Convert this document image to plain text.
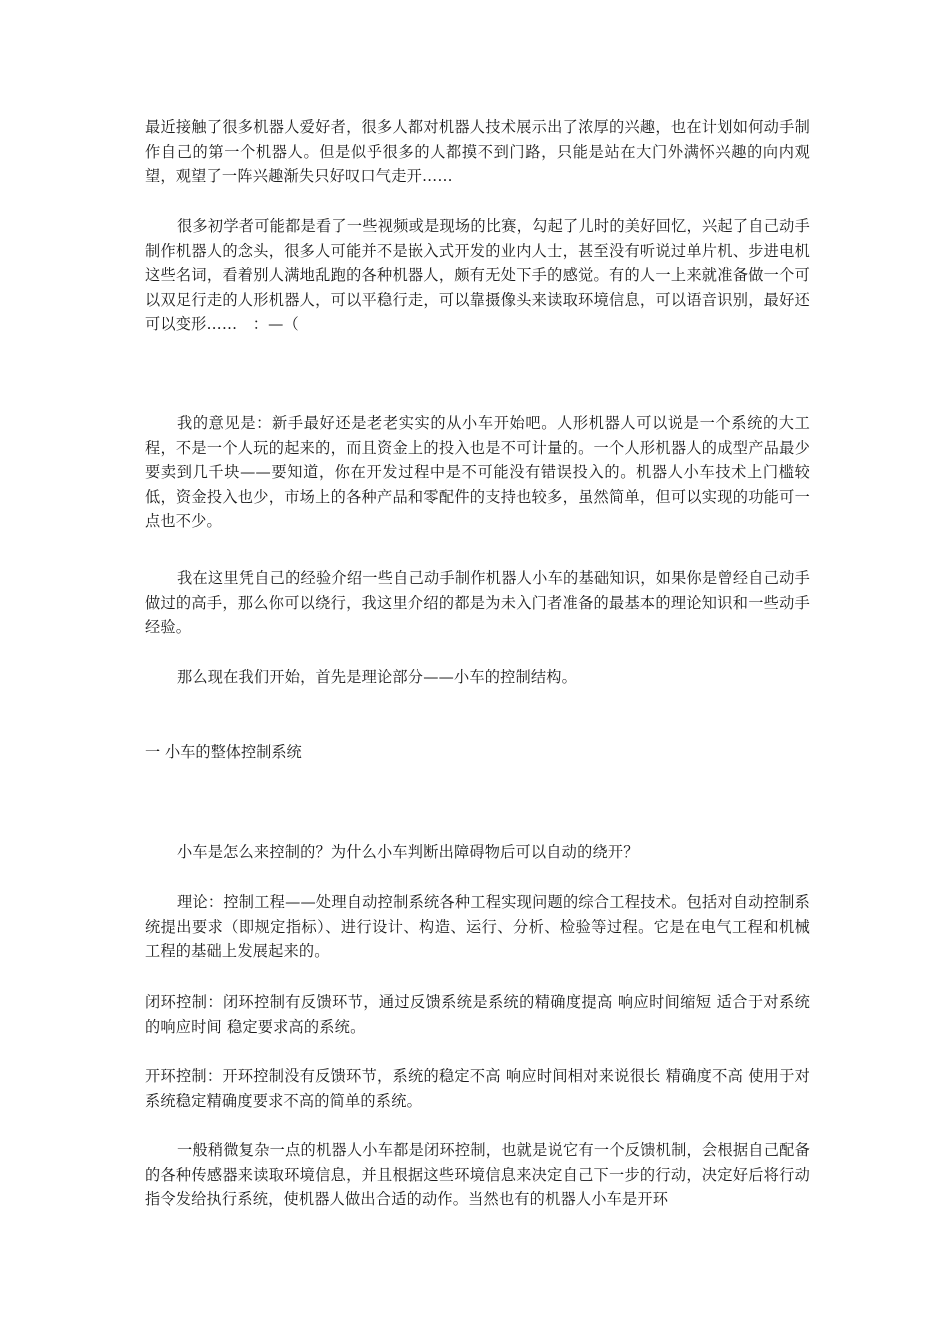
最近接触了很多机器人爱好者，很多人都对机器人技术展示出了浓厚的兴趣，也在计划如何动手制作自己的第一个机器人。但是似乎很多的人都摸不到门路，只能是站在大门外满怀兴趣的向内观望，观望了一阵兴趣渐失只好叹口气走开……

很多初学者可能都是看了一些视频或是现场的比赛，勾起了儿时的美好回忆，兴起了自己动手制作机器人的念头，很多人可能并不是嵌入式开发的业内人士，甚至没有听说过单片机、步进电机这些名词，看着别人满地乱跑的各种机器人，颇有无处下手的感觉。有的人一上来就准备做一个可以双足行走的人形机器人，可以平稳行走，可以靠摄像头来读取环境信息，可以语音识别，最好还可以变形……　：—（

我的意见是：新手最好还是老老实实的从小车开始吧。人形机器人可以说是一个系统的大工程，不是一个人玩的起来的，而且资金上的投入也是不可计量的。一个人形机器人的成型产品最少要卖到几千块——要知道，你在开发过程中是不可能没有错误投入的。机器人小车技术上门槛较低，资金投入也少，市场上的各种产品和零配件的支持也较多，虽然简单，但可以实现的功能可一点也不少。

我在这里凭自己的经验介绍一些自己动手制作机器人小车的基础知识，如果你是曾经自己动手做过的高手，那么你可以绕行，我这里介绍的都是为未入门者准备的最基本的理论知识和一些动手经验。

那么现在我们开始，首先是理论部分——小车的控制结构。

一 小车的整体控制系统

小车是怎么来控制的？为什么小车判断出障碍物后可以自动的绕开？

理论：控制工程——处理自动控制系统各种工程实现问题的综合工程技术。包括对自动控制系统提出要求（即规定指标）、进行设计、构造、运行、分析、检验等过程。它是在电气工程和机械工程的基础上发展起来的。

闭环控制：闭环控制有反馈环节，通过反馈系统是系统的精确度提高 响应时间缩短 适合于对系统的响应时间 稳定要求高的系统。

开环控制：开环控制没有反馈环节，系统的稳定不高 响应时间相对来说很长 精确度不高 使用于对系统稳定精确度要求不高的简单的系统。

一般稍微复杂一点的机器人小车都是闭环控制，也就是说它有一个反馈机制，会根据自己配备的各种传感器来读取环境信息，并且根据这些环境信息来决定自己下一步的行动，决定好后将行动指令发给执行系统，使机器人做出合适的动作。当然也有的机器人小车是开环
